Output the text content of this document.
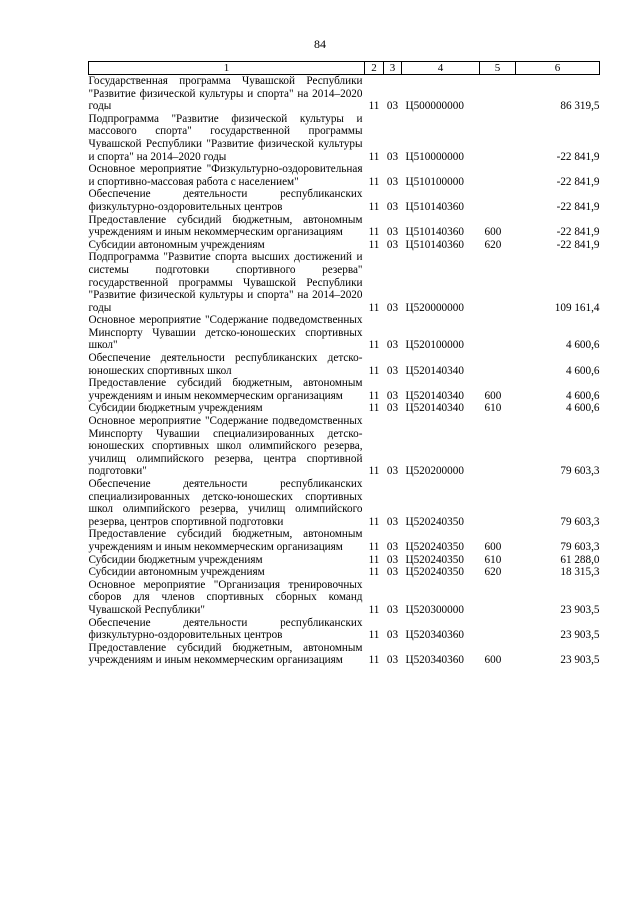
84
1	2	3	4	5	6
Государственная программа Чувашской Республики "Развитие физической культуры и спорта" на 2014–2020 годы	11	03	Ц500000000		86 319,5
Подпрограмма "Развитие физической культуры и массового спорта" государственной программы Чувашской Республики "Развитие физической культуры и спорта" на 2014–2020 годы	11	03	Ц510000000		-22 841,9
Основное мероприятие "Физкультурно-оздоровительная и спортивно-массовая работа с населением"	11	03	Ц510100000		-22 841,9
Обеспечение деятельности республиканских физкультурно-оздоровительных центров	11	03	Ц510140360		-22 841,9
Предоставление субсидий бюджетным, автономным учреждениям и иным некоммерческим организациям	11	03	Ц510140360	600	-22 841,9
Субсидии автономным учреждениям	11	03	Ц510140360	620	-22 841,9
Подпрограмма "Развитие спорта высших достижений и системы подготовки спортивного резерва" государственной программы Чувашской Республики "Развитие физической культуры и спорта" на 2014–2020 годы	11	03	Ц520000000		109 161,4
Основное мероприятие "Содержание подведомственных Минспорту Чувашии детско-юношеских спортивных школ"	11	03	Ц520100000		4 600,6
Обеспечение деятельности республиканских детско-юношеских спортивных школ	11	03	Ц520140340		4 600,6
Предоставление субсидий бюджетным, автономным учреждениям и иным некоммерческим организациям	11	03	Ц520140340	600	4 600,6
Субсидии бюджетным учреждениям	11	03	Ц520140340	610	4 600,6
Основное мероприятие "Содержание подведомственных Минспорту Чувашии специализированных детско-юношеских спортивных школ олимпийского резерва, училищ олимпийского резерва, центра спортивной подготовки"	11	03	Ц520200000		79 603,3
Обеспечение деятельности республиканских специализированных детско-юношеских спортивных школ олимпийского резерва, училищ олимпийского резерва, центров спортивной подготовки	11	03	Ц520240350		79 603,3
Предоставление субсидий бюджетным, автономным учреждениям и иным некоммерческим организациям	11	03	Ц520240350	600	79 603,3
Субсидии бюджетным учреждениям	11	03	Ц520240350	610	61 288,0
Субсидии автономным учреждениям	11	03	Ц520240350	620	18 315,3
Основное мероприятие "Организация тренировочных сборов для членов спортивных сборных команд Чувашской Республики"	11	03	Ц520300000		23 903,5
Обеспечение деятельности республиканских физкультурно-оздоровительных центров	11	03	Ц520340360		23 903,5
Предоставление субсидий бюджетным, автономным учреждениям и иным некоммерческим организациям	11	03	Ц520340360	600	23 903,5
